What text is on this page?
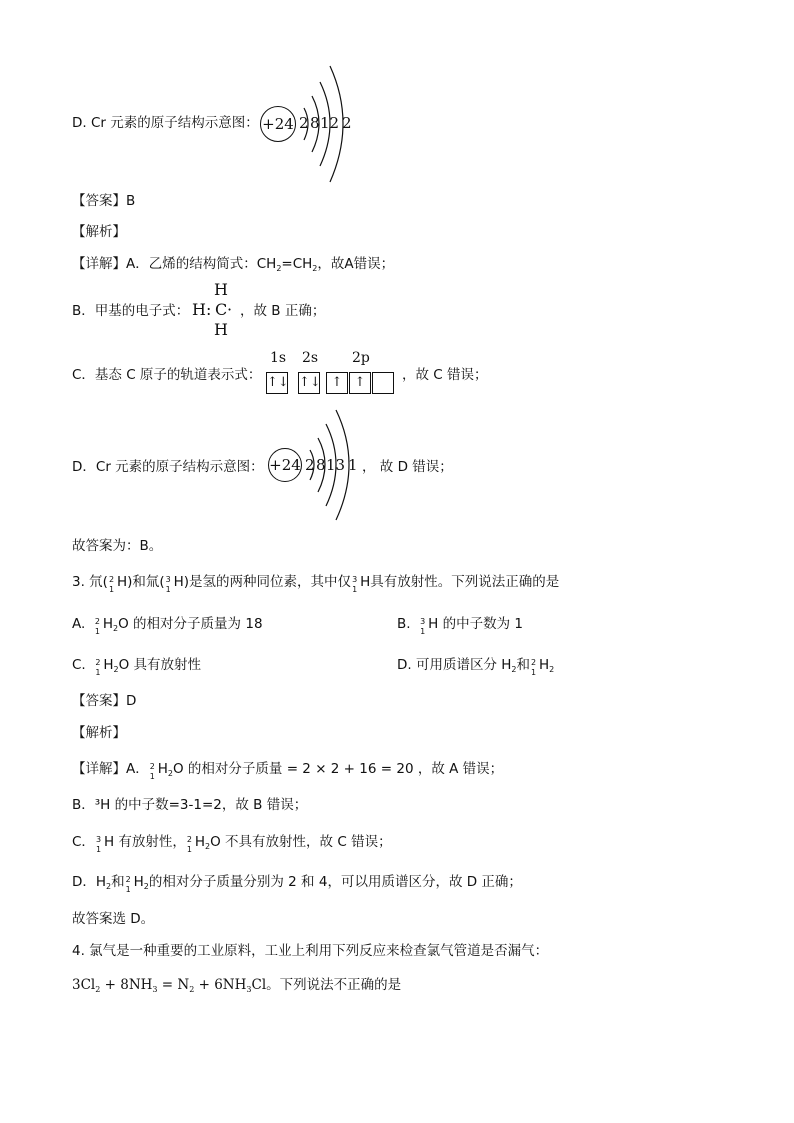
D. Cr 元素的原子结构示意图： +24 2 8 12 2
【答案】B
【解析】
【详解】A．乙烯的结构简式：$CH_2=CH_2$，故A错误；
B．甲基的电子式：
H
H : C ·
H
，故 B 正确；
C．基态 C 原子的轨道表示式：
1s 2s 2p
↑↓ ↑↓ ↑ ↑	，故 C 错误；
D．Cr 元素的原子结构示意图： +24 2 8 13 1 ， 故 D 错误；
故答案为：B。
3. 氘( 2
1 H)和氚( 3
1 H)是氢的两种同位素，其中仅 3
1 H具有放射性。下列说法正确的是
A. 2
1 $H_2O$ 的相对分子质量为 18	B. 3
1 H 的中子数为 1
C. 2
1 $H_2O$ 具有放射性	D. 可用质谱区分 $H_2$和 2
1 $H_2$
【答案】D
【解析】
【详解】A． 2
1 $H_2O$ 的相对分子质量 = 2 × 2 + 16 = 20 ，故 A 错误；
B．³H 的中子数=3-1=2，故 B 错误；
C． 3
1 H 有放射性， 2
1 $H_2O$ 不具有放射性，故 C 错误；
D．$H_2$和 2
1 $H_2$的相对分子质量分别为 2 和 4，可以用质谱区分，故 D 正确；
故答案选 D。
4. 氯气是一种重要的工业原料，工业上利用下列反应来检查氯气管道是否漏气：
$3Cl_2 + 8NH_3 = N_2 + 6NH_3Cl$。下列说法不正确的是
